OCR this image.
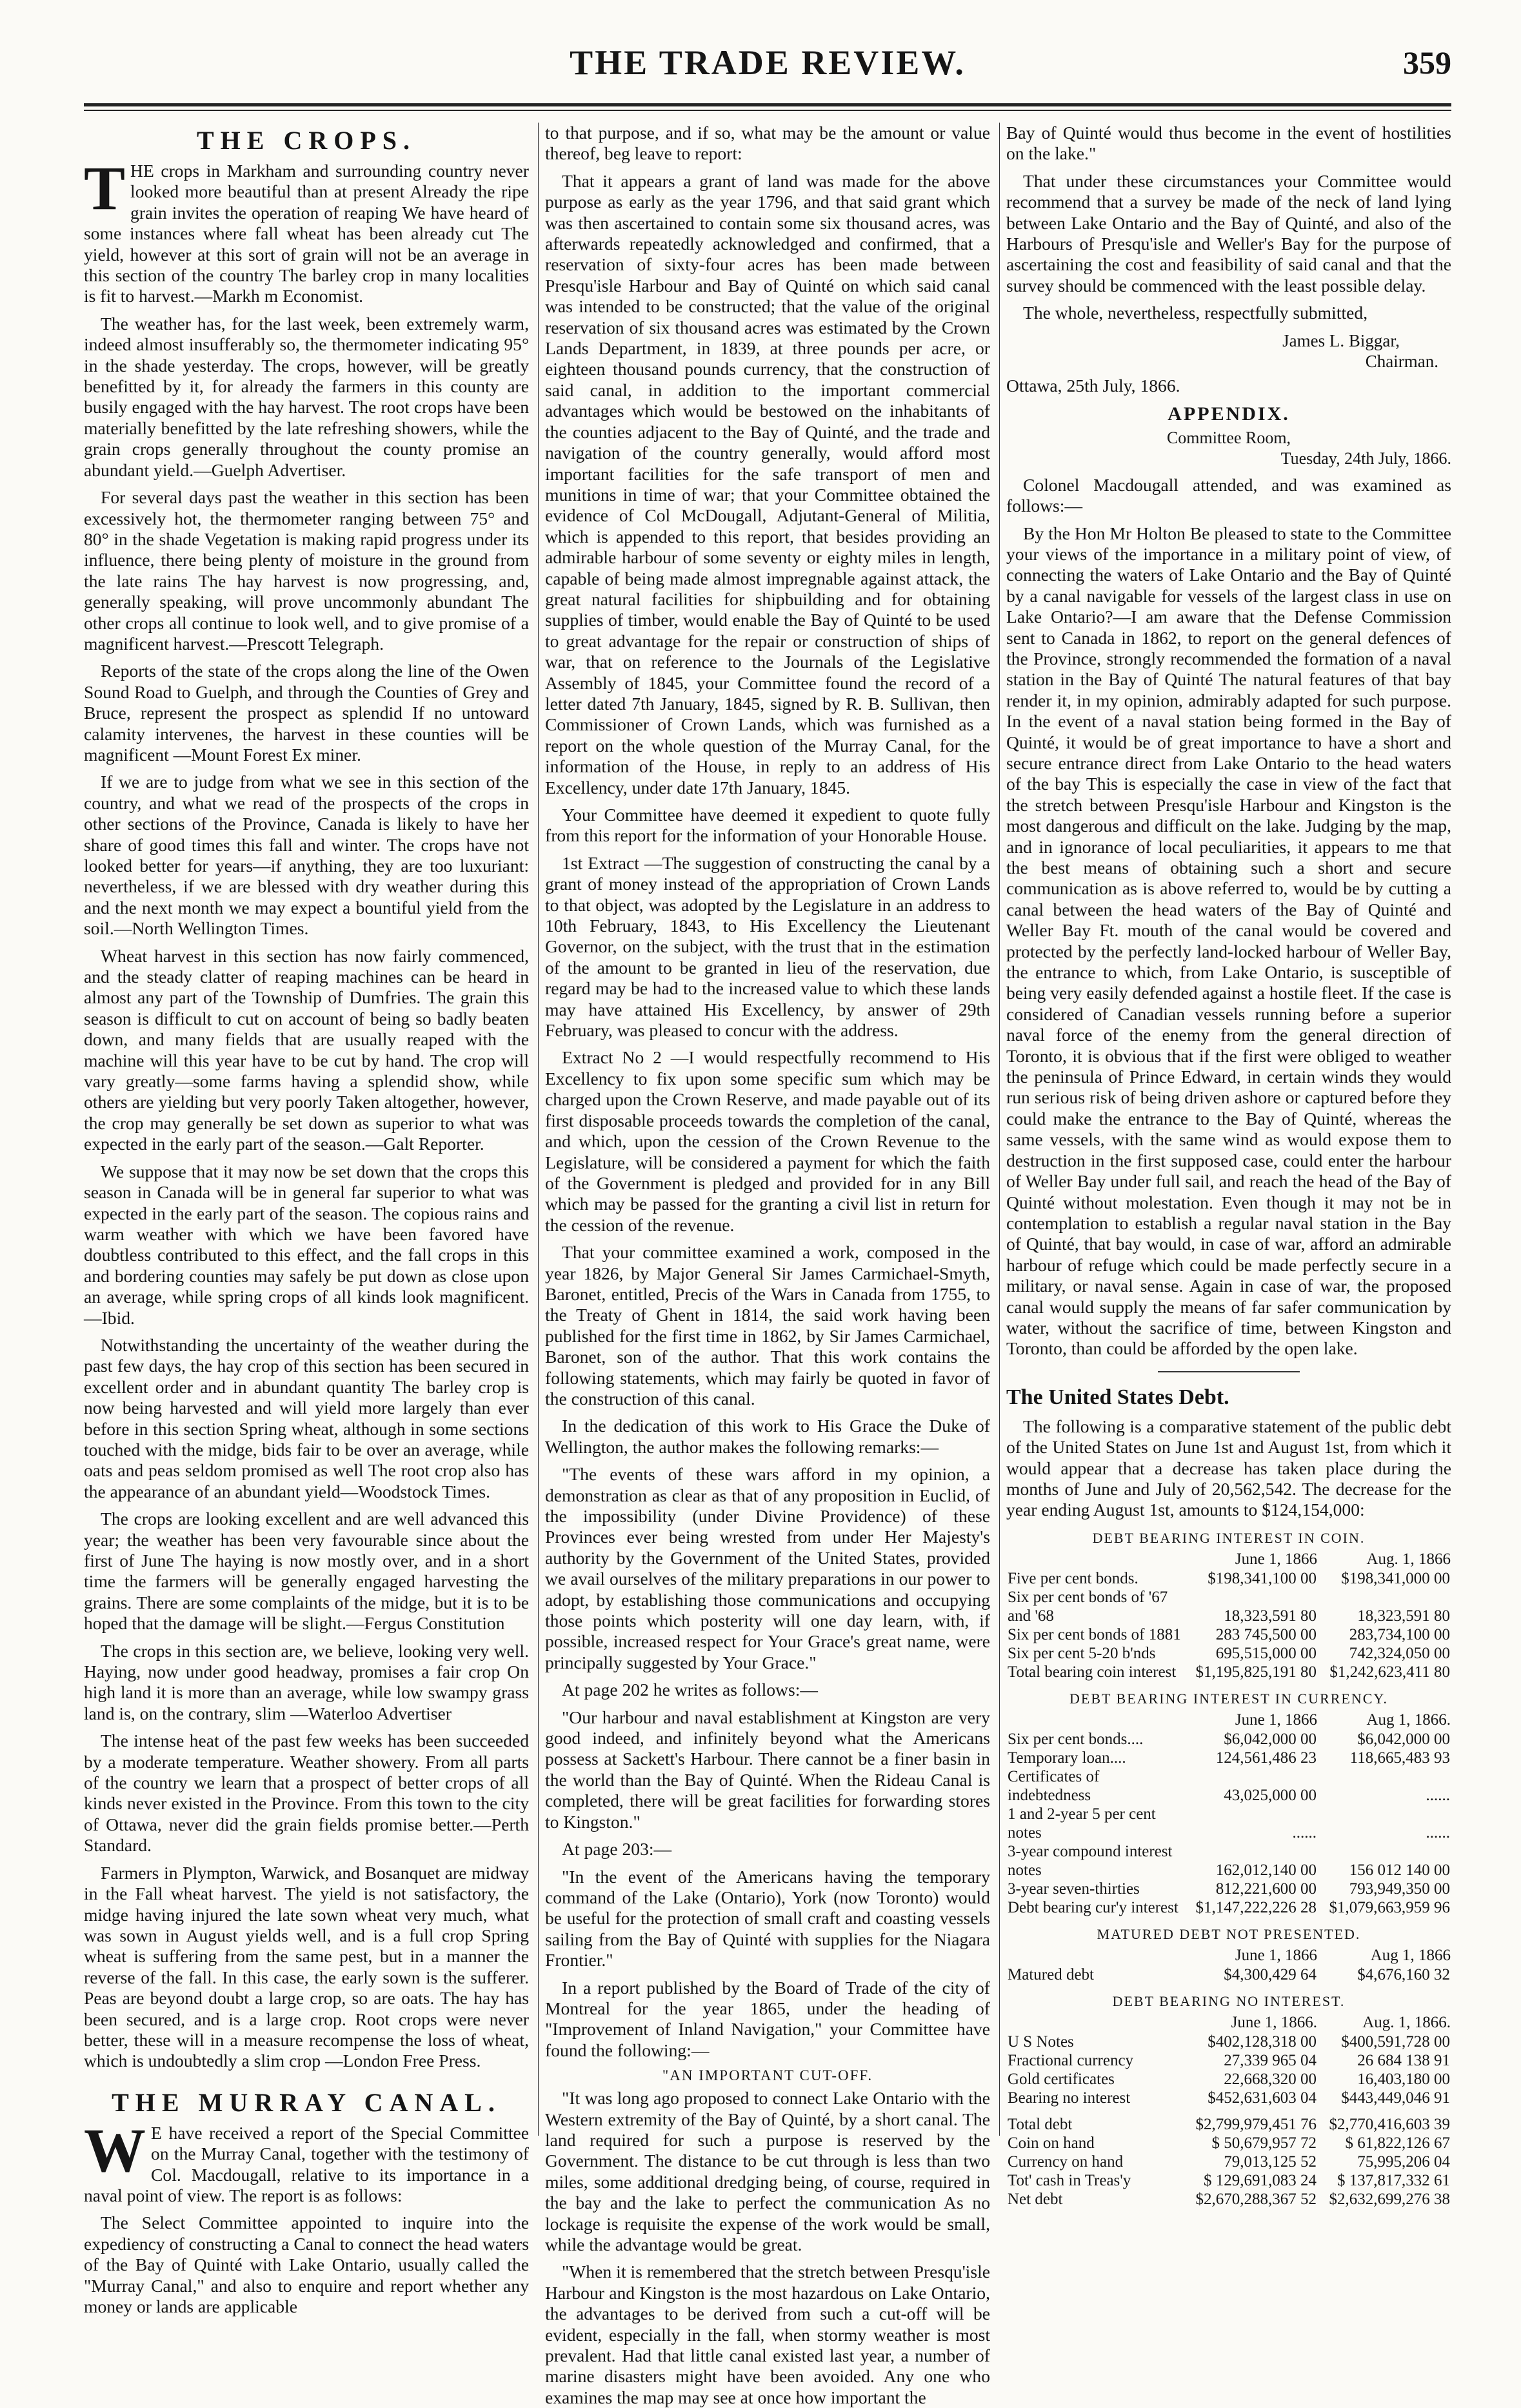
THE TRADE REVIEW.	359
THE CROPS.

THE crops in Markham and surrounding country never looked more beautiful than at present Already the ripe grain invites the operation of reaping We have heard of some instances where fall wheat has been already cut The yield, however at this sort of grain will not be an average in this section of the country The barley crop in many localities is fit to harvest.—Markh m Economist.

The weather has, for the last week, been extremely warm, indeed almost insufferably so, the thermometer indicating 95° in the shade yesterday. The crops, however, will be greatly benefitted by it, for already the farmers in this county are busily engaged with the hay harvest. The root crops have been materially benefitted by the late refreshing showers, while the grain crops generally throughout the county promise an abundant yield.—Guelph Advertiser.

For several days past the weather in this section has been excessively hot, the thermometer ranging between 75° and 80° in the shade Vegetation is making rapid progress under its influence, there being plenty of moisture in the ground from the late rains The hay harvest is now progressing, and, generally speaking, will prove uncommonly abundant The other crops all continue to look well, and to give promise of a magnificent harvest.—Prescott Telegraph.

Reports of the state of the crops along the line of the Owen Sound Road to Guelph, and through the Counties of Grey and Bruce, represent the prospect as splendid If no untoward calamity intervenes, the harvest in these counties will be magnificent —Mount Forest Ex miner.

If we are to judge from what we see in this section of the country, and what we read of the prospects of the crops in other sections of the Province, Canada is likely to have her share of good times this fall and winter. The crops have not looked better for years—if anything, they are too luxuriant: nevertheless, if we are blessed with dry weather during this and the next month we may expect a bountiful yield from the soil.—North Wellington Times.

Wheat harvest in this section has now fairly commenced, and the steady clatter of reaping machines can be heard in almost any part of the Township of Dumfries. The grain this season is difficult to cut on account of being so badly beaten down, and many fields that are usually reaped with the machine will this year have to be cut by hand. The crop will vary greatly—some farms having a splendid show, while others are yielding but very poorly Taken altogether, however, the crop may generally be set down as superior to what was expected in the early part of the season.—Galt Reporter.

We suppose that it may now be set down that the crops this season in Canada will be in general far superior to what was expected in the early part of the season. The copious rains and warm weather with which we have been favored have doubtless contributed to this effect, and the fall crops in this and bordering counties may safely be put down as close upon an average, while spring crops of all kinds look magnificent.—Ibid.

Notwithstanding the uncertainty of the weather during the past few days, the hay crop of this section has been secured in excellent order and in abundant quantity The barley crop is now being harvested and will yield more largely than ever before in this section Spring wheat, although in some sections touched with the midge, bids fair to be over an average, while oats and peas seldom promised as well The root crop also has the appearance of an abundant yield—Woodstock Times.

The crops are looking excellent and are well advanced this year; the weather has been very favourable since about the first of June The haying is now mostly over, and in a short time the farmers will be generally engaged harvesting the grains. There are some complaints of the midge, but it is to be hoped that the damage will be slight.—Fergus Constitution

The crops in this section are, we believe, looking very well. Haying, now under good headway, promises a fair crop On high land it is more than an average, while low swampy grass land is, on the contrary, slim —Waterloo Advertiser

The intense heat of the past few weeks has been succeeded by a moderate temperature. Weather showery. From all parts of the country we learn that a prospect of better crops of all kinds never existed in the Province. From this town to the city of Ottawa, never did the grain fields promise better.—Perth Standard.

Farmers in Plympton, Warwick, and Bosanquet are midway in the Fall wheat harvest. The yield is not satisfactory, the midge having injured the late sown wheat very much, what was sown in August yields well, and is a full crop Spring wheat is suffering from the same pest, but in a manner the reverse of the fall. In this case, the early sown is the sufferer. Peas are beyond doubt a large crop, so are oats. The hay has been secured, and is a large crop. Root crops were never better, these will in a measure recompense the loss of wheat, which is undoubtedly a slim crop —London Free Press.

THE MURRAY CANAL.

W E have received a report of the Special Committee on the Murray Canal, together with the testimony of Col. Macdougall, relative to its importance in a naval point of view. The report is as follows:

The Select Committee appointed to inquire into the expediency of constructing a Canal to connect the head waters of the Bay of Quinté with Lake Ontario, usually called the "Murray Canal," and also to enquire and report whether any money or lands are applicable

to that purpose, and if so, what may be the amount or value thereof, beg leave to report:

That it appears a grant of land was made for the above purpose as early as the year 1796, and that said grant which was then ascertained to contain some six thousand acres, was afterwards repeatedly acknowledged and confirmed, that a reservation of sixty-four acres has been made between Presqu'isle Harbour and Bay of Quinté on which said canal was intended to be constructed; that the value of the original reservation of six thousand acres was estimated by the Crown Lands Department, in 1839, at three pounds per acre, or eighteen thousand pounds currency, that the construction of said canal, in addition to the important commercial advantages which would be bestowed on the inhabitants of the counties adjacent to the Bay of Quinté, and the trade and navigation of the country generally, would afford most important facilities for the safe transport of men and munitions in time of war; that your Committee obtained the evidence of Col McDougall, Adjutant-General of Militia, which is appended to this report, that besides providing an admirable harbour of some seventy or eighty miles in length, capable of being made almost impregnable against attack, the great natural facilities for shipbuilding and for obtaining supplies of timber, would enable the Bay of Quinté to be used to great advantage for the repair or construction of ships of war, that on reference to the Journals of the Legislative Assembly of 1845, your Committee found the record of a letter dated 7th January, 1845, signed by R. B. Sullivan, then Commissioner of Crown Lands, which was furnished as a report on the whole question of the Murray Canal, for the information of the House, in reply to an address of His Excellency, under date 17th January, 1845.

Your Committee have deemed it expedient to quote fully from this report for the information of your Honorable House.

1st Extract —The suggestion of constructing the canal by a grant of money instead of the appropriation of Crown Lands to that object, was adopted by the Legislature in an address to 10th February, 1843, to His Excellency the Lieutenant Governor, on the subject, with the trust that in the estimation of the amount to be granted in lieu of the reservation, due regard may be had to the increased value to which these lands may have attained His Excellency, by answer of 29th February, was pleased to concur with the address.

Extract No 2 —I would respectfully recommend to His Excellency to fix upon some specific sum which may be charged upon the Crown Reserve, and made payable out of its first disposable proceeds towards the completion of the canal, and which, upon the cession of the Crown Revenue to the Legislature, will be considered a payment for which the faith of the Government is pledged and provided for in any Bill which may be passed for the granting a civil list in return for the cession of the revenue.

That your committee examined a work, composed in the year 1826, by Major General Sir James Carmichael-Smyth, Baronet, entitled, Precis of the Wars in Canada from 1755, to the Treaty of Ghent in 1814, the said work having been published for the first time in 1862, by Sir James Carmichael, Baronet, son of the author. That this work contains the following statements, which may fairly be quoted in favor of the construction of this canal.

In the dedication of this work to His Grace the Duke of Wellington, the author makes the following remarks:—

"The events of these wars afford in my opinion, a demonstration as clear as that of any proposition in Euclid, of the impossibility (under Divine Providence) of these Provinces ever being wrested from under Her Majesty's authority by the Government of the United States, provided we avail ourselves of the military preparations in our power to adopt, by establishing those communications and occupying those points which posterity will one day learn, with, if possible, increased respect for Your Grace's great name, were principally suggested by Your Grace."

At page 202 he writes as follows:—

"Our harbour and naval establishment at Kingston are very good indeed, and infinitely beyond what the Americans possess at Sackett's Harbour. There cannot be a finer basin in the world than the Bay of Quinté. When the Rideau Canal is completed, there will be great facilities for forwarding stores to Kingston."

At page 203:—

"In the event of the Americans having the temporary command of the Lake (Ontario), York (now Toronto) would be useful for the protection of small craft and coasting vessels sailing from the Bay of Quinté with supplies for the Niagara Frontier."

In a report published by the Board of Trade of the city of Montreal for the year 1865, under the heading of "Improvement of Inland Navigation," your Committee have found the following:—

"AN IMPORTANT CUT-OFF.

"It was long ago proposed to connect Lake Ontario with the Western extremity of the Bay of Quinté, by a short canal. The land required for such a purpose is reserved by the Government. The distance to be cut through is less than two miles, some additional dredging being, of course, required in the bay and the lake to perfect the communication As no lockage is requisite the expense of the work would be small, while the advantage would be great.

"When it is remembered that the stretch between Presqu'isle Harbour and Kingston is the most hazardous on Lake Ontario, the advantages to be derived from such a cut-off will be evident, especially in the fall, when stormy weather is most prevalent. Had that little canal existed last year, a number of marine disasters might have been avoided. Any one who examines the map may see at once how important the

Bay of Quinté would thus become in the event of hostilities on the lake."

That under these circumstances your Committee would recommend that a survey be made of the neck of land lying between Lake Ontario and the Bay of Quinté, and also of the Harbours of Presqu'isle and Weller's Bay for the purpose of ascertaining the cost and feasibility of said canal and that the survey should be commenced with the least possible delay.

The whole, nevertheless, respectfully submitted,

James L. Biggar,

Chairman.

Ottawa, 25th July, 1866.

APPENDIX.

Committee Room,

Tuesday, 24th July, 1866.

Colonel Macdougall attended, and was examined as follows:—

By the Hon Mr Holton Be pleased to state to the Committee your views of the importance in a military point of view, of connecting the waters of Lake Ontario and the Bay of Quinté by a canal navigable for vessels of the largest class in use on Lake Ontario?—I am aware that the Defense Commission sent to Canada in 1862, to report on the general defences of the Province, strongly recommended the formation of a naval station in the Bay of Quinté The natural features of that bay render it, in my opinion, admirably adapted for such purpose. In the event of a naval station being formed in the Bay of Quinté, it would be of great importance to have a short and secure entrance direct from Lake Ontario to the head waters of the bay This is especially the case in view of the fact that the stretch between Presqu'isle Harbour and Kingston is the most dangerous and difficult on the lake. Judging by the map, and in ignorance of local peculiarities, it appears to me that the best means of obtaining such a short and secure communication as is above referred to, would be by cutting a canal between the head waters of the Bay of Quinté and Weller Bay Ft. mouth of the canal would be covered and protected by the perfectly land-locked harbour of Weller Bay, the entrance to which, from Lake Ontario, is susceptible of being very easily defended against a hostile fleet. If the case is considered of Canadian vessels running before a superior naval force of the enemy from the general direction of Toronto, it is obvious that if the first were obliged to weather the peninsula of Prince Edward, in certain winds they would run serious risk of being driven ashore or captured before they could make the entrance to the Bay of Quinté, whereas the same vessels, with the same wind as would expose them to destruction in the first supposed case, could enter the harbour of Weller Bay under full sail, and reach the head of the Bay of Quinté without molestation. Even though it may not be in contemplation to establish a regular naval station in the Bay of Quinté, that bay would, in case of war, afford an admirable harbour of refuge which could be made perfectly secure in a military, or naval sense. Again in case of war, the proposed canal would supply the means of far safer communication by water, without the sacrifice of time, between Kingston and Toronto, than could be afforded by the open lake.

The United States Debt.

The following is a comparative statement of the public debt of the United States on June 1st and August 1st, from which it would appear that a decrease has taken place during the months of June and July of 20,562,542. The decrease for the year ending August 1st, amounts to $124,154,000:

DEBT BEARING INTEREST IN COIN.
	June 1, 1866	Aug. 1, 1866
Five per cent bonds.	$198,341,100 00	$198,341,000 00
Six per cent bonds of '67 and '68	18,323,591 80	18,323,591 80
Six per cent bonds of 1881	283 745,500 00	283,734,100 00
Six per cent 5-20 b'nds	695,515,000 00	742,324,050 00
Total bearing coin interest	$1,195,825,191 80	$1,242,623,411 80
DEBT BEARING INTEREST IN CURRENCY.
	June 1, 1866	Aug 1, 1866.
Six per cent bonds....	$6,042,000 00	$6,042,000 00
Temporary loan....	124,561,486 23	118,665,483 93
Certificates of indebtedness	43,025,000 00	......
1 and 2-year 5 per cent notes	......	......
3-year compound interest notes	162,012,140 00	156 012 140 00
3-year seven-thirties	812,221,600 00	793,949,350 00
Debt bearing cur'y interest	$1,147,222,226 28	$1,079,663,959 96
MATURED DEBT NOT PRESENTED.
	June 1, 1866	Aug 1, 1866
Matured debt	$4,300,429 64	$4,676,160 32
DEBT BEARING NO INTEREST.
	June 1, 1866.	Aug. 1, 1866.
U S Notes	$402,128,318 00	$400,591,728 00
Fractional currency	27,339 965 04	26 684 138 91
Gold certificates	22,668,320 00	16,403,180 00
Bearing no interest	$452,631,603 04	$443,449,046 91
Total debt	$2,799,979,451 76	$2,770,416,603 39
Coin on hand	$ 50,679,957 72	$ 61,822,126 67
Currency on hand	79,013,125 52	75,995,206 04
Tot' cash in Treas'y	$ 129,691,083 24	$ 137,817,332 61
Net debt	$2,670,288,367 52	$2,632,699,276 38
